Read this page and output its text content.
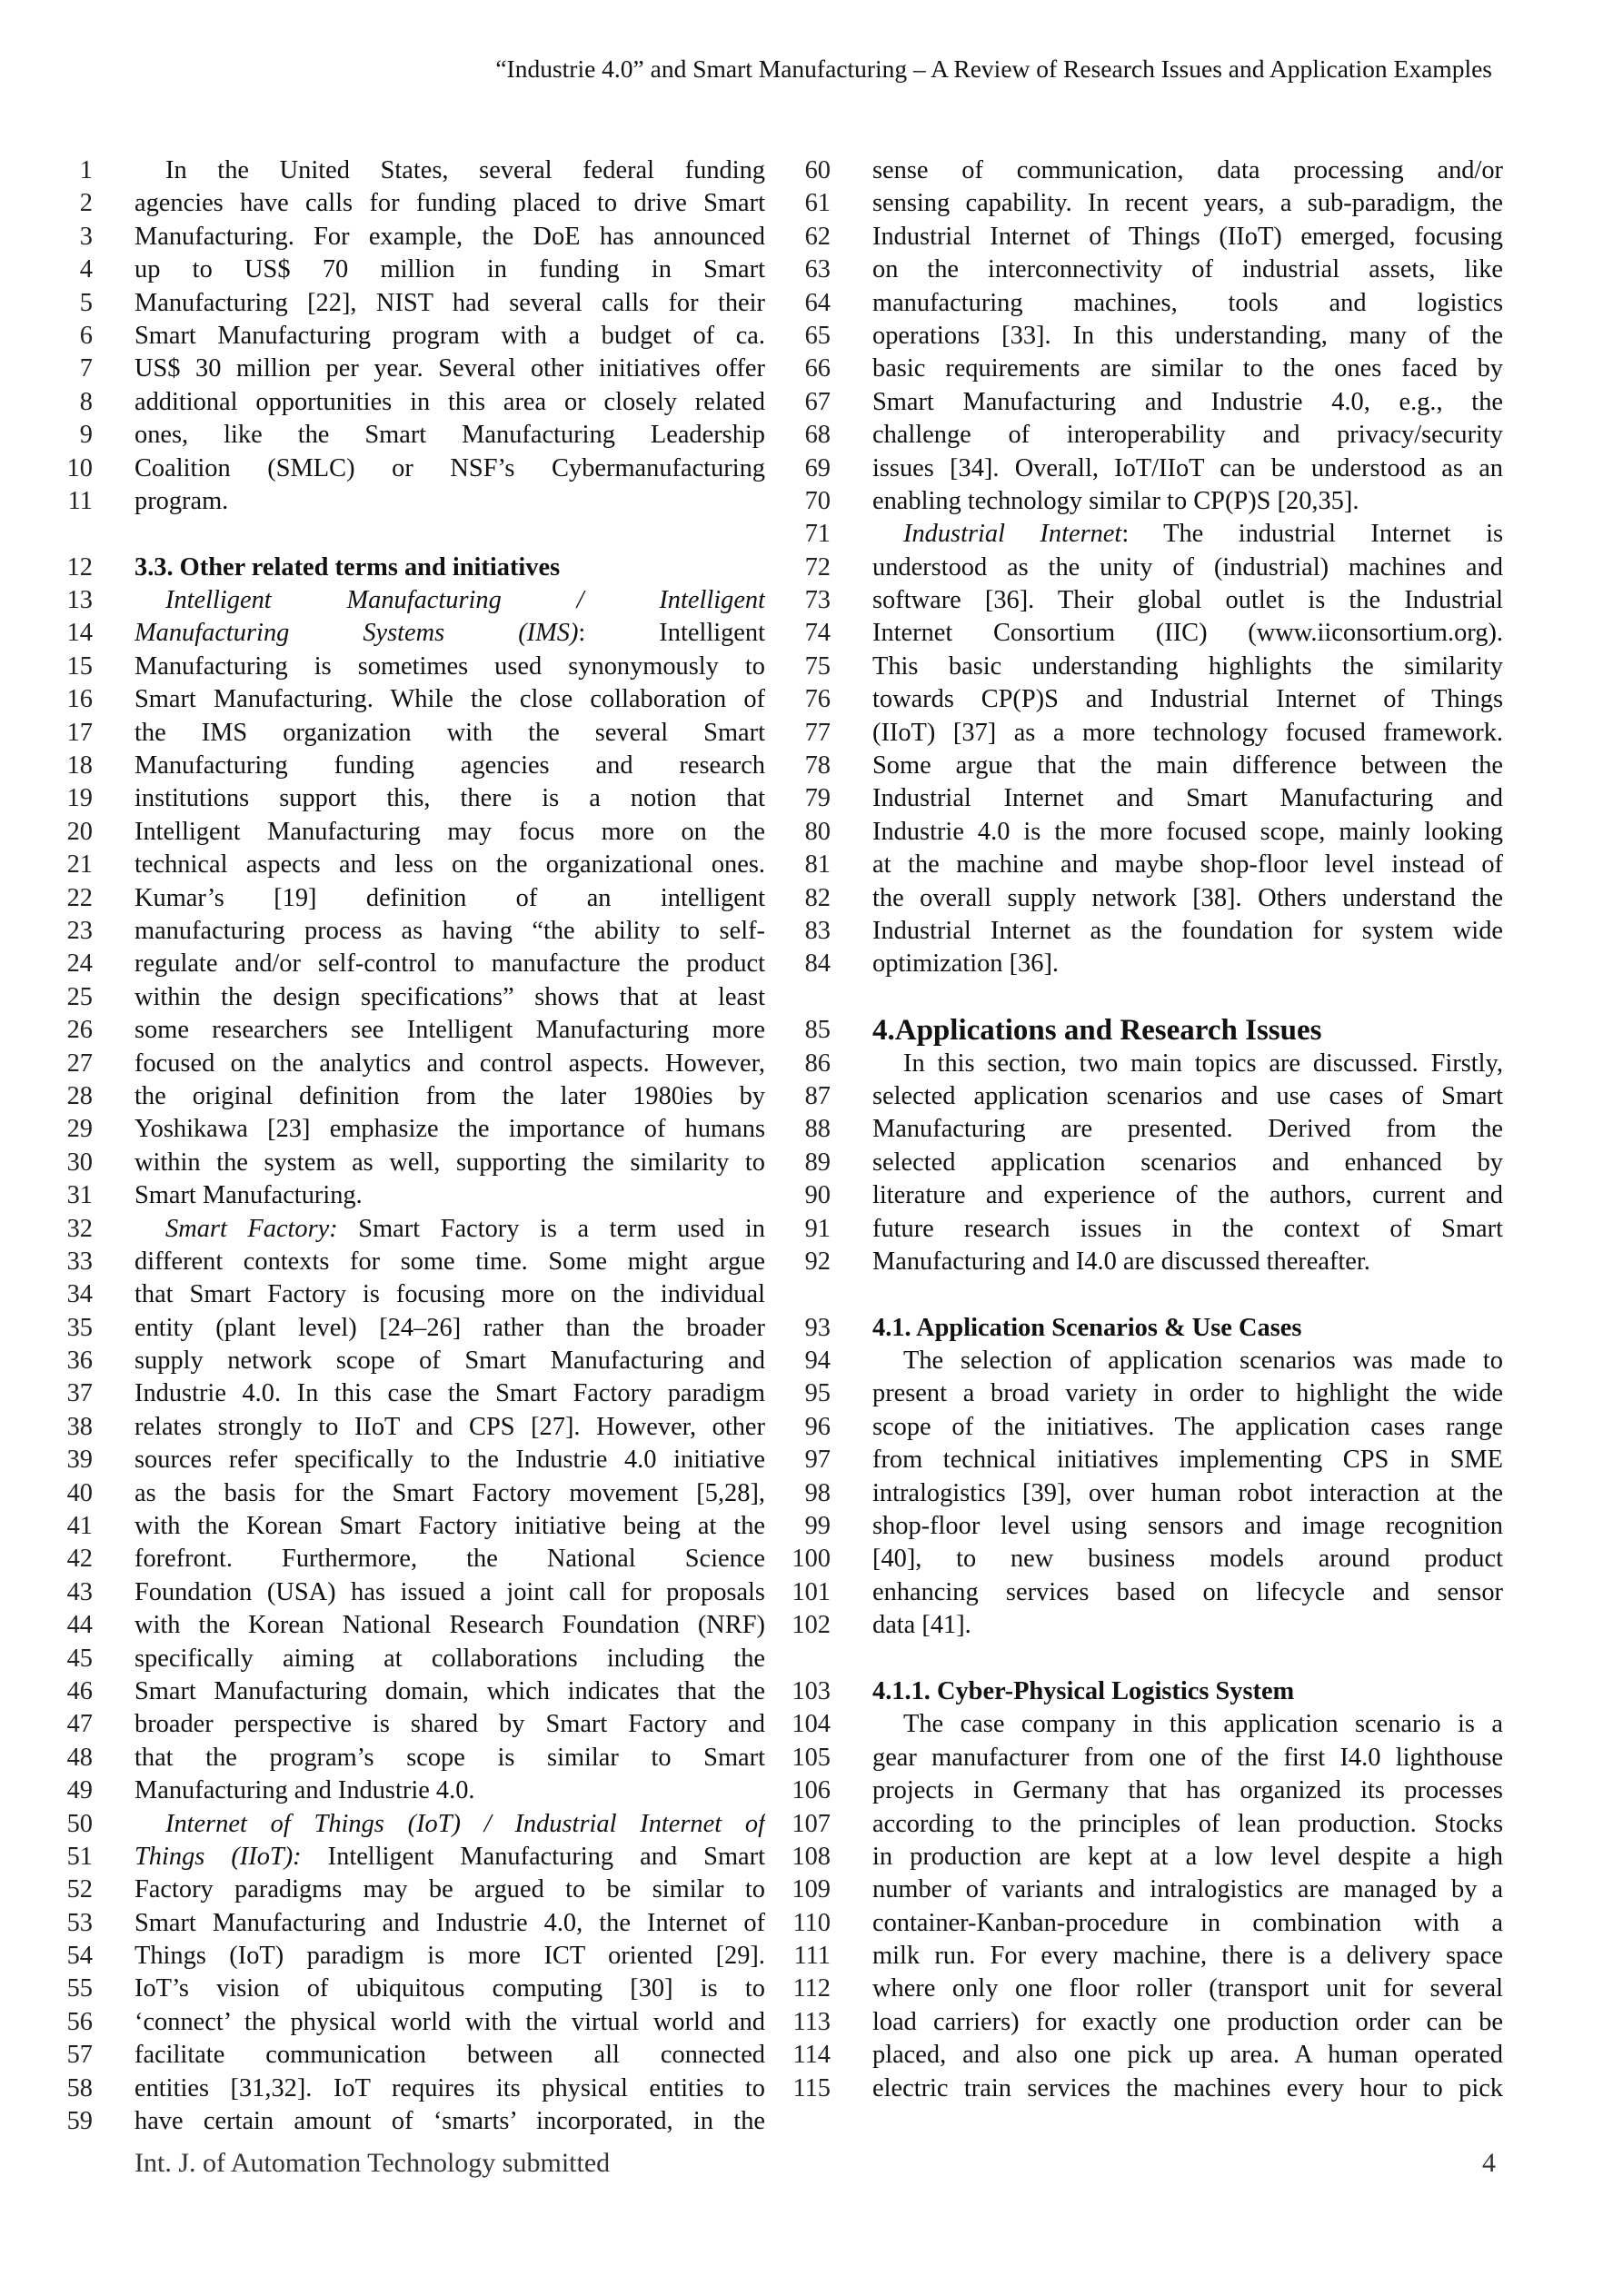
“Industrie 4.0” and Smart Manufacturing – A Review of Research Issues and Application Examples
1	In the United States, several federal funding
2 agencies have calls for funding placed to drive Smart
3 Manufacturing. For example, the DoE has announced
4 up to US$ 70 million in funding in Smart
5 Manufacturing [22], NIST had several calls for their
6 Smart Manufacturing program with a budget of ca.
7 US$ 30 million per year. Several other initiatives offer
8 additional opportunities in this area or closely related
9 ones, like the Smart Manufacturing Leadership
10 Coalition (SMLC) or NSF’s Cybermanufacturing
11 program.
12 3.3. Other related terms and initiatives
13	Intelligent Manufacturing / Intelligent
14 Manufacturing Systems (IMS): Intelligent
15 Manufacturing is sometimes used synonymously to
16 Smart Manufacturing. While the close collaboration of
17 the IMS organization with the several Smart
18 Manufacturing funding agencies and research
19 institutions support this, there is a notion that
20 Intelligent Manufacturing may focus more on the
21 technical aspects and less on the organizational ones.
22 Kumar’s [19] definition of an intelligent
23 manufacturing process as having “the ability to self-
24 regulate and/or self-control to manufacture the product
25 within the design specifications” shows that at least
26 some researchers see Intelligent Manufacturing more
27 focused on the analytics and control aspects. However,
28 the original definition from the later 1980ies by
29 Yoshikawa [23] emphasize the importance of humans
30 within the system as well, supporting the similarity to
31 Smart Manufacturing.
32	Smart Factory: Smart Factory is a term used in
33 different contexts for some time. Some might argue
34 that Smart Factory is focusing more on the individual
35 entity (plant level) [24–26] rather than the broader
36 supply network scope of Smart Manufacturing and
37 Industrie 4.0. In this case the Smart Factory paradigm
38 relates strongly to IIoT and CPS [27]. However, other
39 sources refer specifically to the Industrie 4.0 initiative
40 as the basis for the Smart Factory movement [5,28],
41 with the Korean Smart Factory initiative being at the
42 forefront. Furthermore, the National Science
43 Foundation (USA) has issued a joint call for proposals
44 with the Korean National Research Foundation (NRF)
45 specifically aiming at collaborations including the
46 Smart Manufacturing domain, which indicates that the
47 broader perspective is shared by Smart Factory and
48 that the program’s scope is similar to Smart
49 Manufacturing and Industrie 4.0.
50	Internet of Things (IoT) / Industrial Internet of
51 Things (IIoT): Intelligent Manufacturing and Smart
52 Factory paradigms may be argued to be similar to
53 Smart Manufacturing and Industrie 4.0, the Internet of
54 Things (IoT) paradigm is more ICT oriented [29].
55 IoT’s vision of ubiquitous computing [30] is to
56 ‘connect’ the physical world with the virtual world and
57 facilitate communication between all connected
58 entities [31,32]. IoT requires its physical entities to
59 have certain amount of ‘smarts’ incorporated, in the
60 sense of communication, data processing and/or
61 sensing capability. In recent years, a sub-paradigm, the
62 Industrial Internet of Things (IIoT) emerged, focusing
63 on the interconnectivity of industrial assets, like
64 manufacturing machines, tools and logistics
65 operations [33]. In this understanding, many of the
66 basic requirements are similar to the ones faced by
67 Smart Manufacturing and Industrie 4.0, e.g., the
68 challenge of interoperability and privacy/security
69 issues [34]. Overall, IoT/IIoT can be understood as an
70 enabling technology similar to CP(P)S [20,35].
71	Industrial Internet: The industrial Internet is
72 understood as the unity of (industrial) machines and
73 software [36]. Their global outlet is the Industrial
74 Internet Consortium (IIC) (www.iiconsortium.org).
75 This basic understanding highlights the similarity
76 towards CP(P)S and Industrial Internet of Things
77 (IIoT) [37] as a more technology focused framework.
78 Some argue that the main difference between the
79 Industrial Internet and Smart Manufacturing and
80 Industrie 4.0 is the more focused scope, mainly looking
81 at the machine and maybe shop-floor level instead of
82 the overall supply network [38]. Others understand the
83 Industrial Internet as the foundation for system wide
84 optimization [36].
85 4.Applications and Research Issues
86	In this section, two main topics are discussed. Firstly,
87 selected application scenarios and use cases of Smart
88 Manufacturing are presented. Derived from the
89 selected application scenarios and enhanced by
90 literature and experience of the authors, current and
91 future research issues in the context of Smart
92 Manufacturing and I4.0 are discussed thereafter.
93 4.1. Application Scenarios & Use Cases
94	The selection of application scenarios was made to
95 present a broad variety in order to highlight the wide
96 scope of the initiatives. The application cases range
97 from technical initiatives implementing CPS in SME
98 intralogistics [39], over human robot interaction at the
99 shop-floor level using sensors and image recognition
100 [40], to new business models around product
101 enhancing services based on lifecycle and sensor
102 data [41].
103 4.1.1. Cyber-Physical Logistics System
104	The case company in this application scenario is a
105 gear manufacturer from one of the first I4.0 lighthouse
106 projects in Germany that has organized its processes
107 according to the principles of lean production. Stocks
108 in production are kept at a low level despite a high
109 number of variants and intralogistics are managed by a
110 container-Kanban-procedure in combination with a
111 milk run. For every machine, there is a delivery space
112 where only one floor roller (transport unit for several
113 load carriers) for exactly one production order can be
114 placed, and also one pick up area. A human operated
115 electric train services the machines every hour to pick
Int. J. of Automation Technology submitted	4
